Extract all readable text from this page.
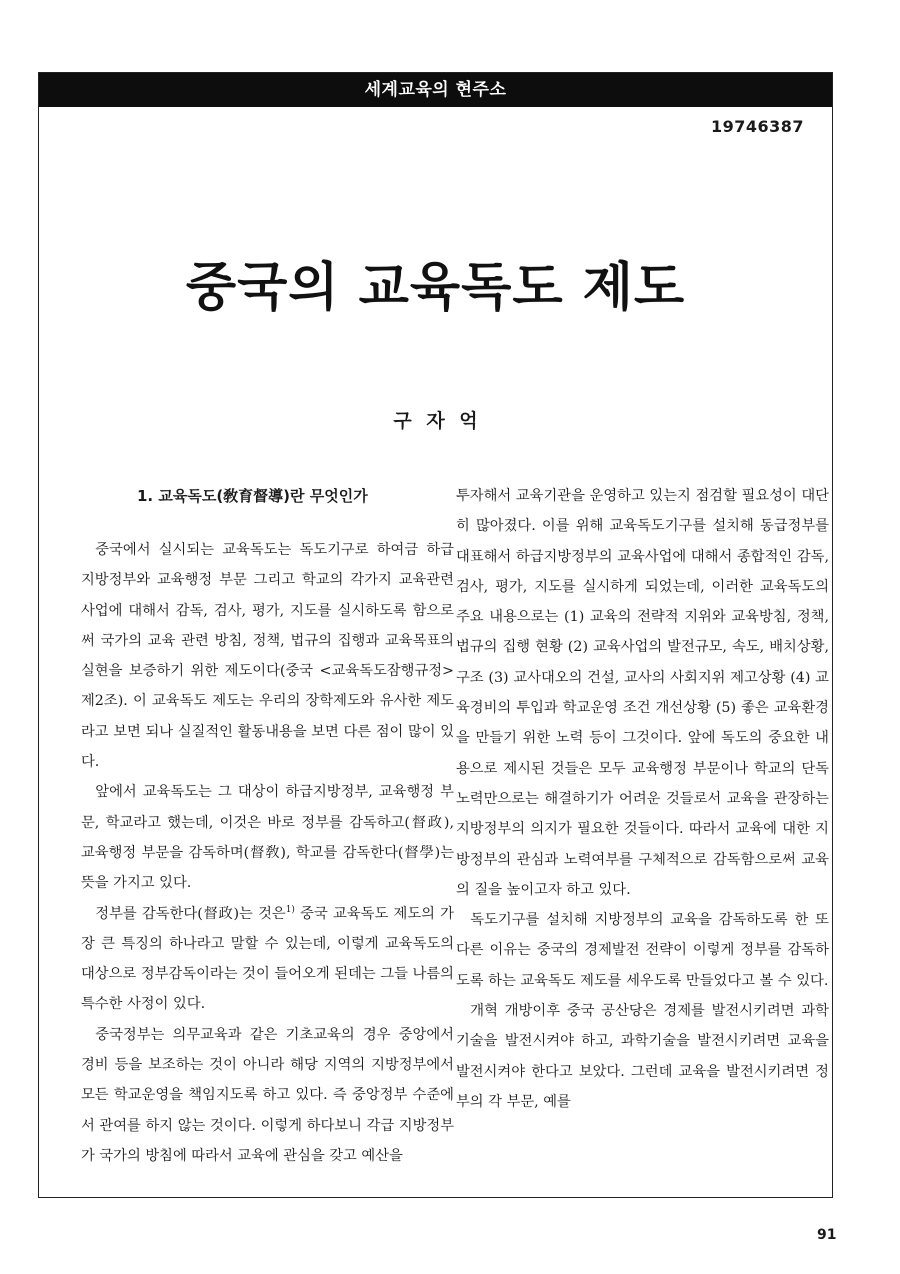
세계교육의 현주소
19746387
중국의 교육독도 제도
구 자 억
1. 교육독도(敎育督導)란 무엇인가

중국에서 실시되는 교육독도는 독도기구로 하여금 하급 지방정부와 교육행정 부문 그리고 학교의 각가지 교육관련 사업에 대해서 감독, 검사, 평가, 지도를 실시하도록 함으로써 국가의 교육 관련 방침, 정책, 법규의 집행과 교육목표의 실현을 보증하기 위한 제도이다(중국 <교육독도잠행규정> 제2조). 이 교육독도 제도는 우리의 장학제도와 유사한 제도라고 보면 되나 실질적인 활동내용을 보면 다른 점이 많이 있다.

앞에서 교육독도는 그 대상이 하급지방정부, 교육행정 부문, 학교라고 했는데, 이것은 바로 정부를 감독하고(督政), 교육행정 부문을 감독하며(督敎), 학교를 감독한다(督學)는 뜻을 가지고 있다.

정부를 감독한다(督政)는 것은$^{1)}$ 중국 교육독도 제도의 가장 큰 특징의 하나라고 말할 수 있는데, 이렇게 교육독도의 대상으로 정부감독이라는 것이 들어오게 된데는 그들 나름의 특수한 사정이 있다.

중국정부는 의무교육과 같은 기초교육의 경우 중앙에서 경비 등을 보조하는 것이 아니라 해당 지역의 지방정부에서 모든 학교운영을 책임지도록 하고 있다. 즉 중앙정부 수준에서 관여를 하지 않는 것이다. 이렇게 하다보니 각급 지방정부가 국가의 방침에 따라서 교육에 관심을 갖고 예산을

투자해서 교육기관을 운영하고 있는지 점검할 필요성이 대단히 많아졌다. 이를 위해 교육독도기구를 설치해 동급정부를 대표해서 하급지방정부의 교육사업에 대해서 종합적인 감독, 검사, 평가, 지도를 실시하게 되었는데, 이러한 교육독도의 주요 내용으로는 (1) 교육의 전략적 지위와 교육방침, 정책, 법규의 집행 현황 (2) 교육사업의 발전규모, 속도, 배치상황, 구조 (3) 교사대오의 건설, 교사의 사회지위 제고상황 (4) 교육경비의 투입과 학교운영 조건 개선상황 (5) 좋은 교육환경을 만들기 위한 노력 등이 그것이다. 앞에 독도의 중요한 내용으로 제시된 것들은 모두 교육행정 부문이나 학교의 단독 노력만으로는 해결하기가 어려운 것들로서 교육을 관장하는 지방정부의 의지가 필요한 것들이다. 따라서 교육에 대한 지방정부의 관심과 노력여부를 구체적으로 감독함으로써 교육의 질을 높이고자 하고 있다.

독도기구를 설치해 지방정부의 교육을 감독하도록 한 또 다른 이유는 중국의 경제발전 전략이 이렇게 정부를 감독하도록 하는 교육독도 제도를 세우도록 만들었다고 볼 수 있다.

개혁 개방이후 중국 공산당은 경제를 발전시키려면 과학기술을 발전시켜야 하고, 과학기술을 발전시키려면 교육을 발전시켜야 한다고 보았다. 그런데 교육을 발전시키려면 정부의 각 부문, 예를

91
